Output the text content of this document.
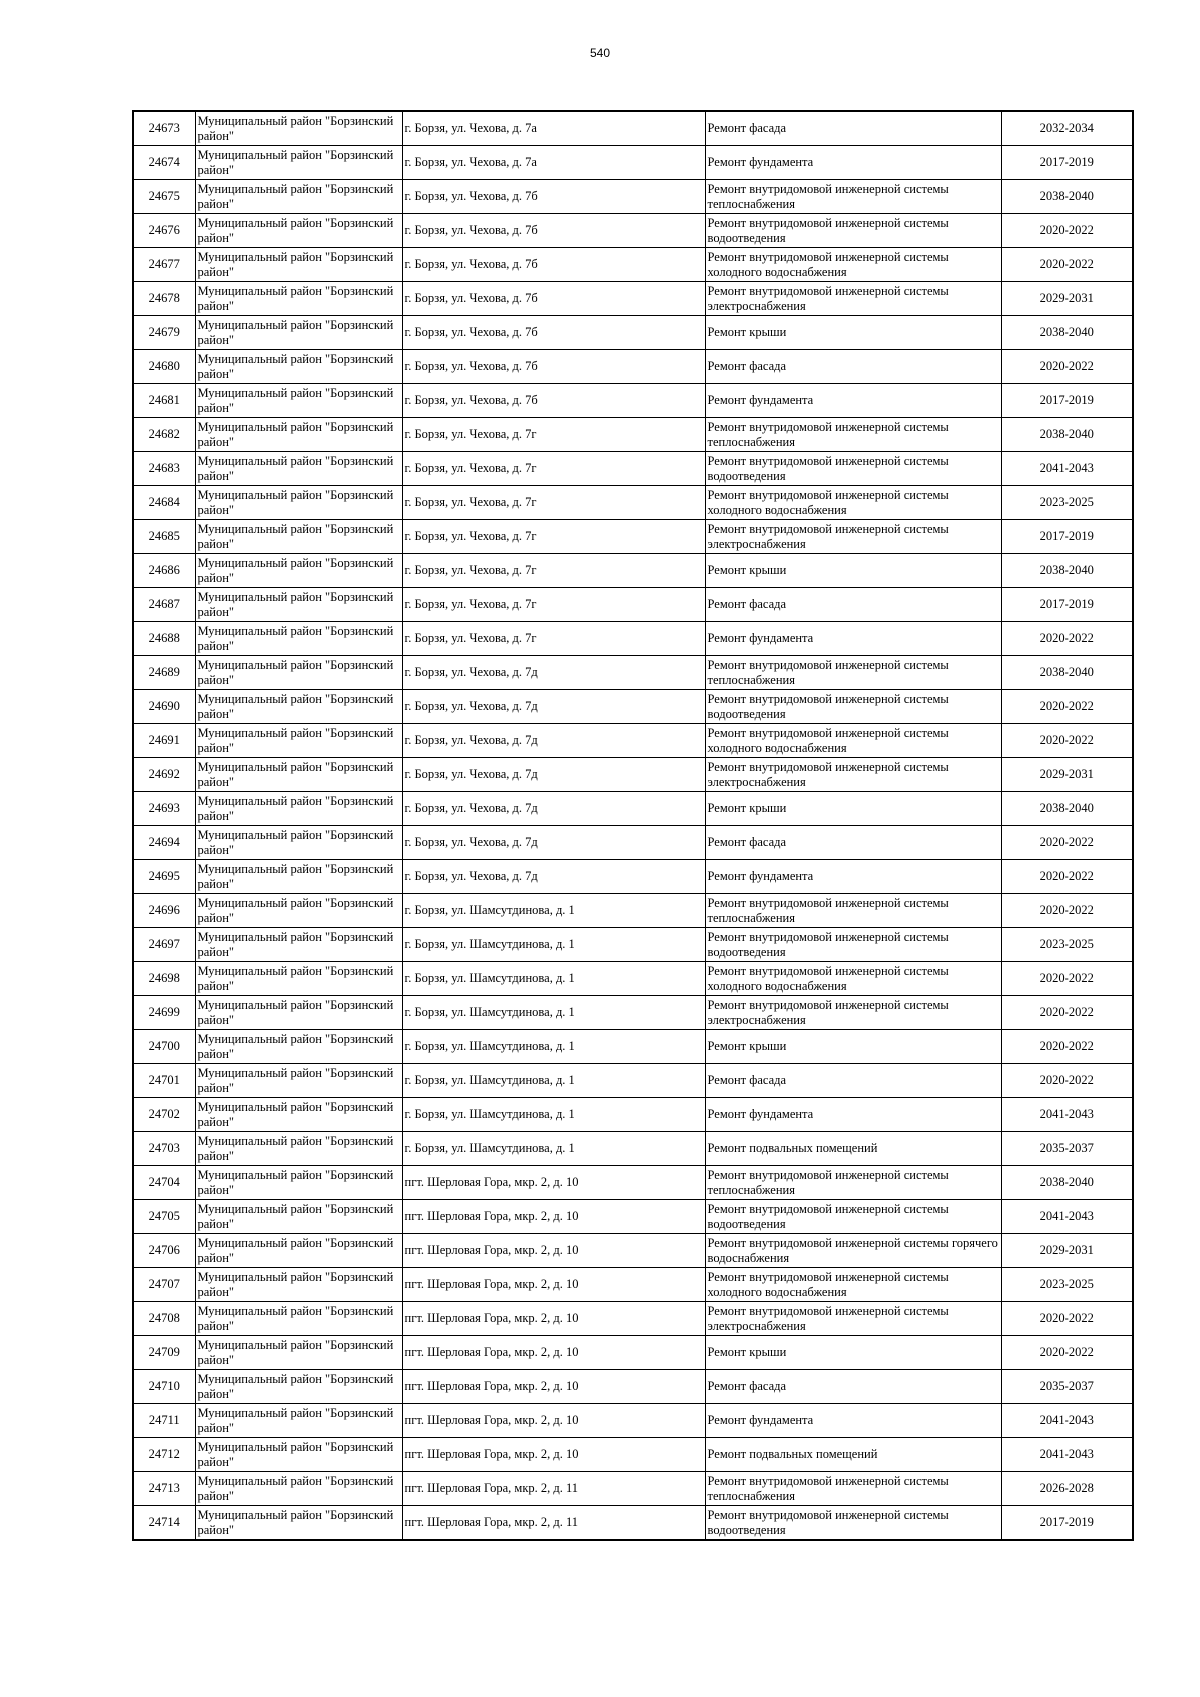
540
24673	Муниципальный район "Борзинский район"	г. Борзя, ул. Чехова, д. 7а	Ремонт фасада	2032-2034
24674	Муниципальный район "Борзинский район"	г. Борзя, ул. Чехова, д. 7а	Ремонт фундамента	2017-2019
24675	Муниципальный район "Борзинский район"	г. Борзя, ул. Чехова, д. 7б	Ремонт внутридомовой инженерной системы теплоснабжения	2038-2040
24676	Муниципальный район "Борзинский район"	г. Борзя, ул. Чехова, д. 7б	Ремонт внутридомовой инженерной системы водоотведения	2020-2022
24677	Муниципальный район "Борзинский район"	г. Борзя, ул. Чехова, д. 7б	Ремонт внутридомовой инженерной системы холодного водоснабжения	2020-2022
24678	Муниципальный район "Борзинский район"	г. Борзя, ул. Чехова, д. 7б	Ремонт внутридомовой инженерной системы электроснабжения	2029-2031
24679	Муниципальный район "Борзинский район"	г. Борзя, ул. Чехова, д. 7б	Ремонт крыши	2038-2040
24680	Муниципальный район "Борзинский район"	г. Борзя, ул. Чехова, д. 7б	Ремонт фасада	2020-2022
24681	Муниципальный район "Борзинский район"	г. Борзя, ул. Чехова, д. 7б	Ремонт фундамента	2017-2019
24682	Муниципальный район "Борзинский район"	г. Борзя, ул. Чехова, д. 7г	Ремонт внутридомовой инженерной системы теплоснабжения	2038-2040
24683	Муниципальный район "Борзинский район"	г. Борзя, ул. Чехова, д. 7г	Ремонт внутридомовой инженерной системы водоотведения	2041-2043
24684	Муниципальный район "Борзинский район"	г. Борзя, ул. Чехова, д. 7г	Ремонт внутридомовой инженерной системы холодного водоснабжения	2023-2025
24685	Муниципальный район "Борзинский район"	г. Борзя, ул. Чехова, д. 7г	Ремонт внутридомовой инженерной системы электроснабжения	2017-2019
24686	Муниципальный район "Борзинский район"	г. Борзя, ул. Чехова, д. 7г	Ремонт крыши	2038-2040
24687	Муниципальный район "Борзинский район"	г. Борзя, ул. Чехова, д. 7г	Ремонт фасада	2017-2019
24688	Муниципальный район "Борзинский район"	г. Борзя, ул. Чехова, д. 7г	Ремонт фундамента	2020-2022
24689	Муниципальный район "Борзинский район"	г. Борзя, ул. Чехова, д. 7д	Ремонт внутридомовой инженерной системы теплоснабжения	2038-2040
24690	Муниципальный район "Борзинский район"	г. Борзя, ул. Чехова, д. 7д	Ремонт внутридомовой инженерной системы водоотведения	2020-2022
24691	Муниципальный район "Борзинский район"	г. Борзя, ул. Чехова, д. 7д	Ремонт внутридомовой инженерной системы холодного водоснабжения	2020-2022
24692	Муниципальный район "Борзинский район"	г. Борзя, ул. Чехова, д. 7д	Ремонт внутридомовой инженерной системы электроснабжения	2029-2031
24693	Муниципальный район "Борзинский район"	г. Борзя, ул. Чехова, д. 7д	Ремонт крыши	2038-2040
24694	Муниципальный район "Борзинский район"	г. Борзя, ул. Чехова, д. 7д	Ремонт фасада	2020-2022
24695	Муниципальный район "Борзинский район"	г. Борзя, ул. Чехова, д. 7д	Ремонт фундамента	2020-2022
24696	Муниципальный район "Борзинский район"	г. Борзя, ул. Шамсутдинова, д. 1	Ремонт внутридомовой инженерной системы теплоснабжения	2020-2022
24697	Муниципальный район "Борзинский район"	г. Борзя, ул. Шамсутдинова, д. 1	Ремонт внутридомовой инженерной системы водоотведения	2023-2025
24698	Муниципальный район "Борзинский район"	г. Борзя, ул. Шамсутдинова, д. 1	Ремонт внутридомовой инженерной системы холодного водоснабжения	2020-2022
24699	Муниципальный район "Борзинский район"	г. Борзя, ул. Шамсутдинова, д. 1	Ремонт внутридомовой инженерной системы электроснабжения	2020-2022
24700	Муниципальный район "Борзинский район"	г. Борзя, ул. Шамсутдинова, д. 1	Ремонт крыши	2020-2022
24701	Муниципальный район "Борзинский район"	г. Борзя, ул. Шамсутдинова, д. 1	Ремонт фасада	2020-2022
24702	Муниципальный район "Борзинский район"	г. Борзя, ул. Шамсутдинова, д. 1	Ремонт фундамента	2041-2043
24703	Муниципальный район "Борзинский район"	г. Борзя, ул. Шамсутдинова, д. 1	Ремонт подвальных помещений	2035-2037
24704	Муниципальный район "Борзинский район"	пгт. Шерловая Гора, мкр. 2, д. 10	Ремонт внутридомовой инженерной системы теплоснабжения	2038-2040
24705	Муниципальный район "Борзинский район"	пгт. Шерловая Гора, мкр. 2, д. 10	Ремонт внутридомовой инженерной системы водоотведения	2041-2043
24706	Муниципальный район "Борзинский район"	пгт. Шерловая Гора, мкр. 2, д. 10	Ремонт внутридомовой инженерной системы горячего водоснабжения	2029-2031
24707	Муниципальный район "Борзинский район"	пгт. Шерловая Гора, мкр. 2, д. 10	Ремонт внутридомовой инженерной системы холодного водоснабжения	2023-2025
24708	Муниципальный район "Борзинский район"	пгт. Шерловая Гора, мкр. 2, д. 10	Ремонт внутридомовой инженерной системы электроснабжения	2020-2022
24709	Муниципальный район "Борзинский район"	пгт. Шерловая Гора, мкр. 2, д. 10	Ремонт крыши	2020-2022
24710	Муниципальный район "Борзинский район"	пгт. Шерловая Гора, мкр. 2, д. 10	Ремонт фасада	2035-2037
24711	Муниципальный район "Борзинский район"	пгт. Шерловая Гора, мкр. 2, д. 10	Ремонт фундамента	2041-2043
24712	Муниципальный район "Борзинский район"	пгт. Шерловая Гора, мкр. 2, д. 10	Ремонт подвальных помещений	2041-2043
24713	Муниципальный район "Борзинский район"	пгт. Шерловая Гора, мкр. 2, д. 11	Ремонт внутридомовой инженерной системы теплоснабжения	2026-2028
24714	Муниципальный район "Борзинский район"	пгт. Шерловая Гора, мкр. 2, д. 11	Ремонт внутридомовой инженерной системы водоотведения	2017-2019
